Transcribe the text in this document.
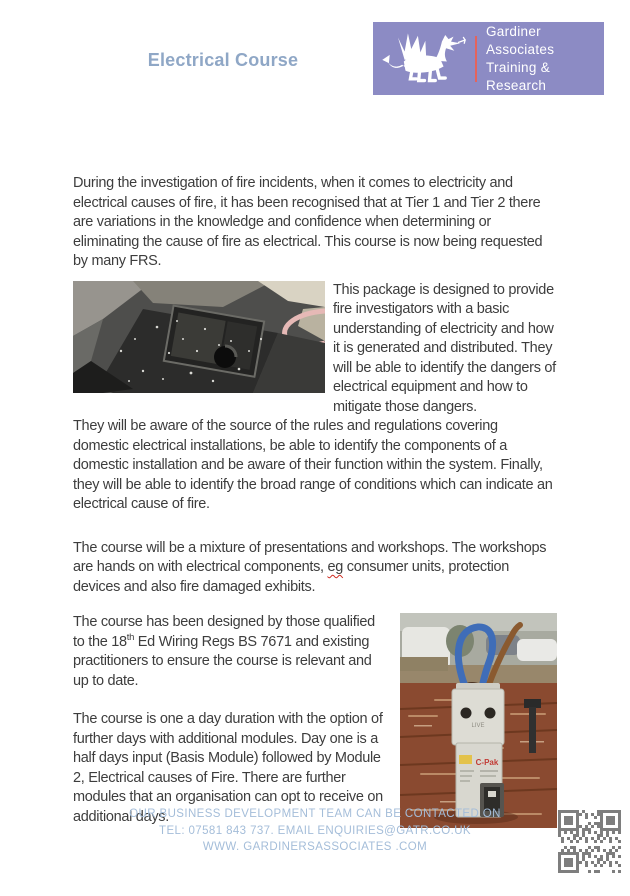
Electrical Course
Gardiner Associates
Training & Research

During the investigation of fire incidents, when it comes to electricity and electrical causes of fire, it has been recognised that at Tier 1 and Tier 2 there are variations in the knowledge and confidence when determining or eliminating the cause of fire as electrical. This course is now being requested by many FRS.

This package is designed to provide fire investigators with a basic understanding of electricity and how it is generated and distributed. They will be able to identify the dangers of electrical equipment and how to mitigate those dangers.

They will be aware of the source of the rules and regulations covering domestic electrical installations, be able to identify the components of a domestic installation and be aware of their function within the system. Finally, they will be able to identify the broad range of conditions which can indicate an electrical cause of fire.

The course will be a mixture of presentations and workshops. The workshops are hands on with electrical components, eg consumer units, protection devices and also fire damaged exhibits.

LIVE
C-Pak

The course has been designed by those qualified to the 18th Ed Wiring Regs BS 7671 and existing practitioners to ensure the course is relevant and up to date.

The course is one a day duration with the option of further days with additional modules. Day one is a half days input (Basis Module) followed by Module 2, Electrical causes of Fire. There are further modules that an organisation can opt to receive on additional days.

OUR BUSINESS DEVELOPMENT TEAM CAN BE CONTACTED ON
TEL: 07581 843 737. EMAIL ENQUIRIES@GATR.CO.UK
WWW. GARDINERSASSOCIATES .COM
